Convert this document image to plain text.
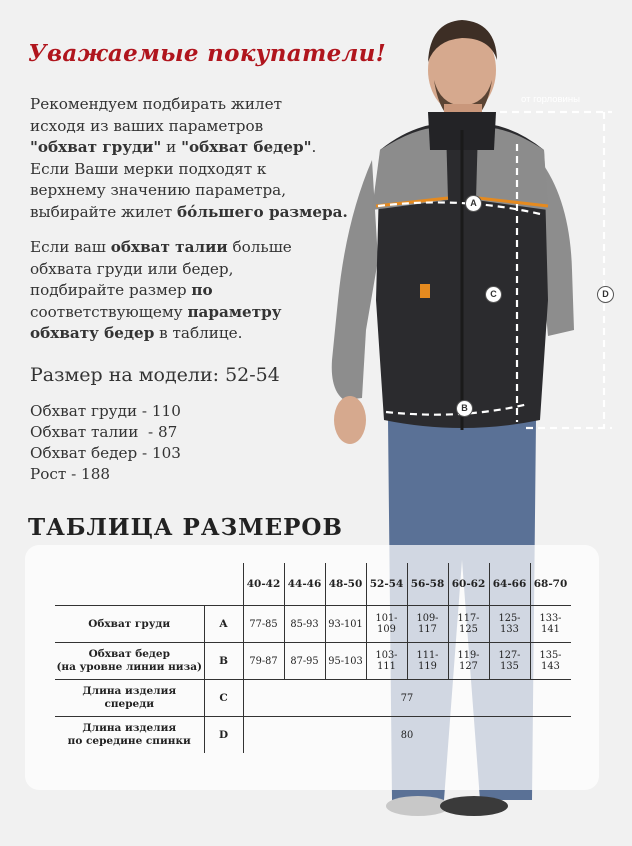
от горловины
A
B
C	D
Уважаемые покупатели!
Рекомендуем подбирать жилет
исходя из ваших параметров
"обхват груди" и "обхват бедер".
Если Ваши мерки подходят к
верхнему значению параметра,
выбирайте жилет бóльшего размера.
Если ваш обхват талии больше
обхвата груди или бедер,
подбирайте размер по
соответствующему параметру
обхвату бедер в таблице.
Размер на модели: 52-54
Обхват груди - 110
Обхват талии  - 87
Обхват бедер - 103
Рост - 188
ТАБЛИЦА РАЗМЕРОВ
		40-42	44-46	48-50	52-54	56-58	60-62	64-66	68-70
Обхват груди	A	77-85	85-93	93-101	101-109	109-117	117-125	125-133	133-141
Обхват бедер
(на уровне линии низа)	B	79-87	87-95	95-103	103-111	111-119	119-127	127-135	135-143
Длина изделия
спереди	C	77							
Длина изделия
по середине спинки	D	80							
